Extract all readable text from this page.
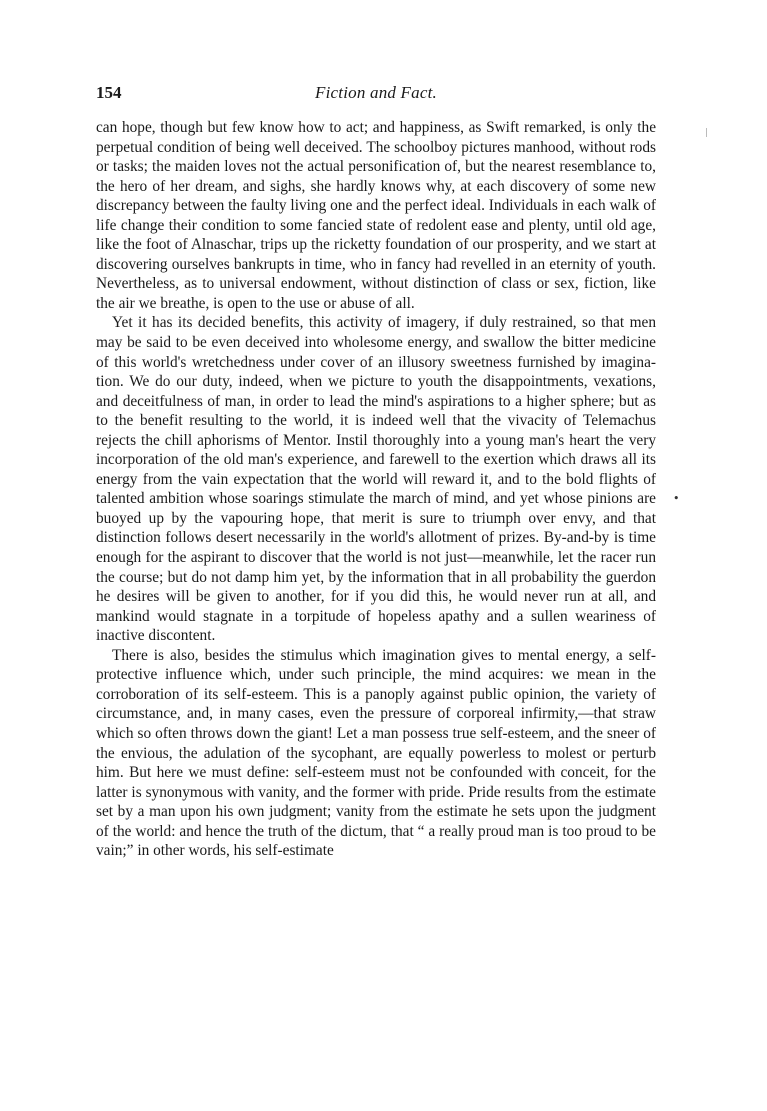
•
154	Fiction and Fact.

can hope, though but few know how to act; and happiness, as Swift remarked, is only the perpetual condition of being well deceived. The schoolboy pictures manhood, without rods or tasks; the maiden loves not the actual personification of, but the nearest resemblance to, the hero of her dream, and sighs, she hardly knows why, at each discovery of some new discrepancy between the faulty living one and the perfect ideal. Individuals in each walk of life change their condition to some fancied state of redolent ease and plenty, until old age, like the foot of Alnaschar, trips up the ricketty foundation of our prosperity, and we start at discovering ourselves bankrupts in time, who in fancy had revelled in an eternity of youth. Nevertheless, as to universal endowment, without distinction of class or sex, fiction, like the air we breathe, is open to the use or abuse of all.

Yet it has its decided benefits, this activity of imagery, if duly restrained, so that men may be said to be even deceived into wholesome energy, and swallow the bitter medicine of this world's wretchedness under cover of an illusory sweetness furnished by imagination. We do our duty, indeed, when we picture to youth the disappointments, vexations, and deceitfulness of man, in order to lead the mind's aspirations to a higher sphere; but as to the benefit resulting to the world, it is indeed well that the vivacity of Telemachus rejects the chill aphorisms of Mentor. Instil thoroughly into a young man's heart the very incorporation of the old man's experience, and farewell to the exertion which draws all its energy from the vain expectation that the world will reward it, and to the bold flights of talented ambition whose soarings stimulate the march of mind, and yet whose pinions are buoyed up by the vapouring hope, that merit is sure to triumph over envy, and that distinction follows desert necessarily in the world's allotment of prizes. By-and-by is time enough for the aspirant to discover that the world is not just—meanwhile, let the racer run the course; but do not damp him yet, by the information that in all probability the guerdon he desires will be given to another, for if you did this, he would never run at all, and mankind would stagnate in a torpitude of hopeless apathy and a sullen weariness of inactive discontent.

There is also, besides the stimulus which imagination gives to mental energy, a self-protective influence which, under such principle, the mind acquires: we mean in the corroboration of its self-esteem. This is a panoply against public opinion, the variety of circumstance, and, in many cases, even the pressure of corporeal infirmity,—that straw which so often throws down the giant! Let a man possess true self-esteem, and the sneer of the envious, the adulation of the sycophant, are equally powerless to molest or perturb him. But here we must define: self-esteem must not be confounded with conceit, for the latter is synonymous with vanity, and the former with pride. Pride results from the estimate set by a man upon his own judgment; vanity from the estimate he sets upon the judgment of the world: and hence the truth of the dictum, that “ a really proud man is too proud to be vain;” in other words, his self-estimate
